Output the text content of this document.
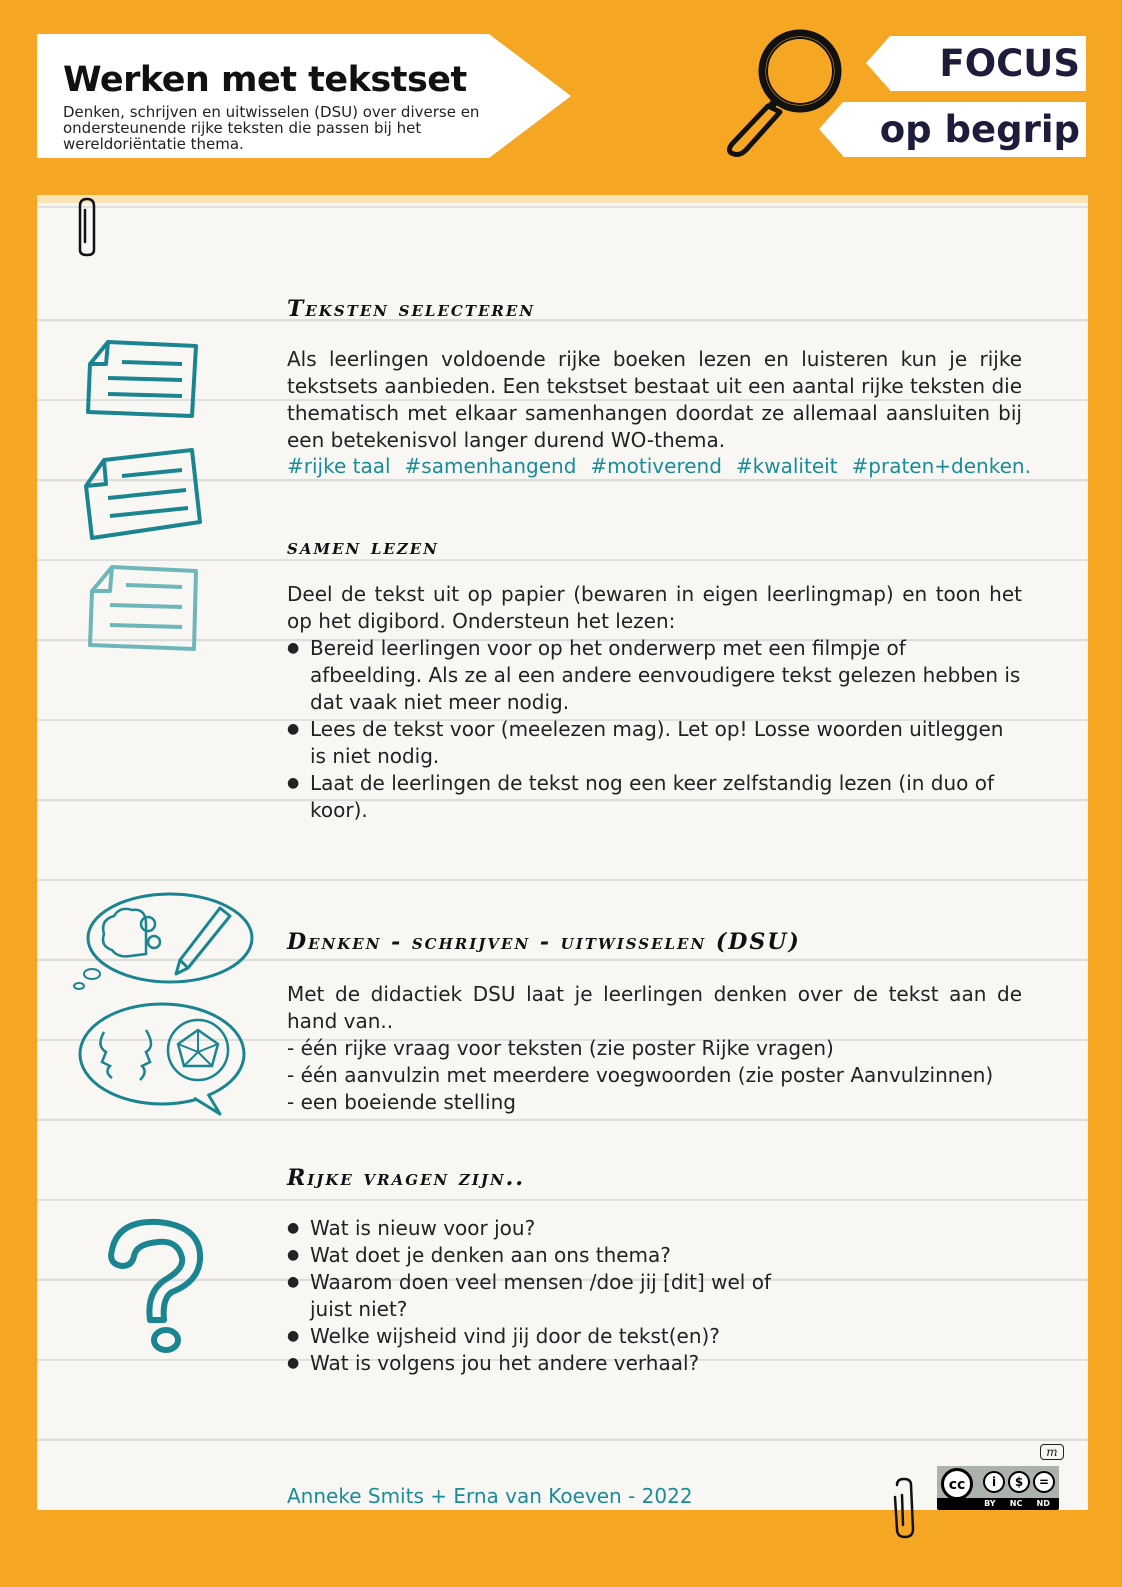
Werken met tekstset
Denken, schrijven en uitwisselen (DSU) over diverse en ondersteunende rijke teksten die passen bij het wereldoriëntatie thema.
FOCUS
op begrip
Teksten selecteren
Als leerlingen voldoende rijke boeken lezen en luisteren kun je rijke tekstsets aanbieden. Een tekstset bestaat uit een aantal rijke teksten die thematisch met elkaar samenhangen doordat ze allemaal aansluiten bij een betekenisvol langer durend WO-thema.
#rijke taal #samenhangend #motiverend #kwaliteit #praten+denken.
samen lezen
Deel de tekst uit op papier (bewaren in eigen leerlingmap) en toon het op het digibord. Ondersteun het lezen:
● Bereid leerlingen voor op het onderwerp met een filmpje of afbeelding. Als ze al een andere eenvoudigere tekst gelezen hebben is dat vaak niet meer nodig.
● Lees de tekst voor (meelezen mag). Let op! Losse woorden uitleggen is niet nodig.
● Laat de leerlingen de tekst nog een keer zelfstandig lezen (in duo of koor).
Denken - schrijven - uitwisselen (DSU)
Met de didactiek DSU laat je leerlingen denken over de tekst aan de hand van..
- één rijke vraag voor teksten (zie poster Rijke vragen)
- één aanvulzin met meerdere voegwoorden (zie poster Aanvulzinnen)
- een boeiende stelling
Rijke vragen zijn..
● Wat is nieuw voor jou?
● Wat doet je denken aan ons thema?
● Waarom doen veel mensen /doe jij [dit] wel of juist niet?
● Welke wijsheid vind jij door de tekst(en)?
● Wat is volgens jou het andere verhaal?
Anneke Smits + Erna van Koeven - 2022
m
cc	i	$	=
BY NC ND
